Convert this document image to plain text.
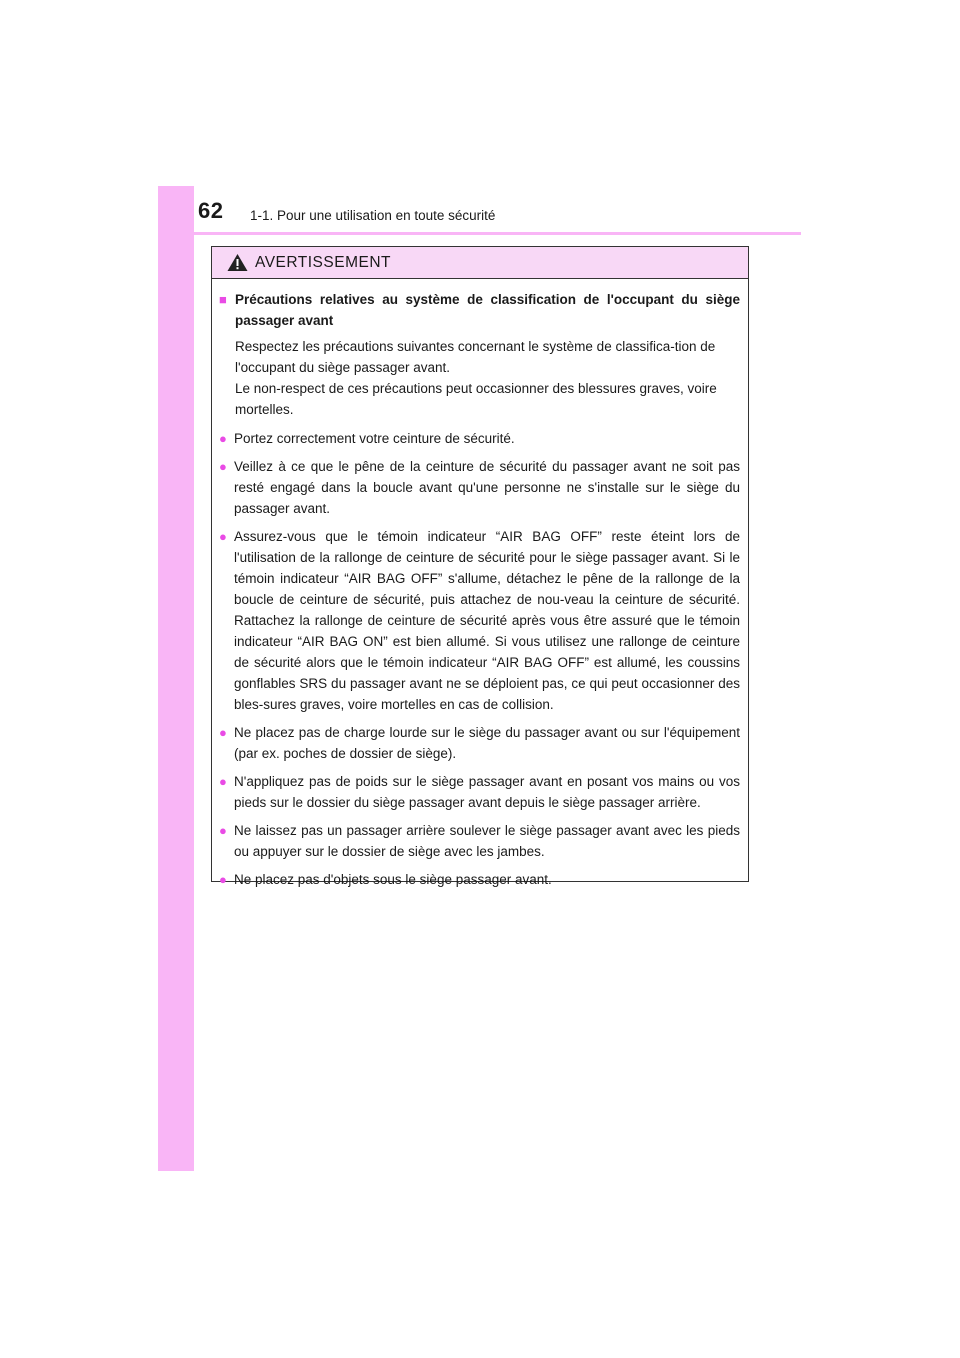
62 1-1. Pour une utilisation en toute sécurité
AVERTISSEMENT
■ Précautions relatives au système de classification de l'occupant du siège passager avant

Respectez les précautions suivantes concernant le système de classifica-tion de l'occupant du siège passager avant.

Le non-respect de ces précautions peut occasionner des blessures graves, voire mortelles.

● Portez correctement votre ceinture de sécurité.
● Veillez à ce que le pêne de la ceinture de sécurité du passager avant ne soit pas resté engagé dans la boucle avant qu'une personne ne s'installe sur le siège du passager avant.
● Assurez-vous que le témoin indicateur “AIR BAG OFF” reste éteint lors de l'utilisation de la rallonge de ceinture de sécurité pour le siège passager avant. Si le témoin indicateur “AIR BAG OFF” s'allume, détachez le pêne de la rallonge de la boucle de ceinture de sécurité, puis attachez de nou-veau la ceinture de sécurité. Rattachez la rallonge de ceinture de sécurité après vous être assuré que le témoin indicateur “AIR BAG ON” est bien allumé. Si vous utilisez une rallonge de ceinture de sécurité alors que le témoin indicateur “AIR BAG OFF” est allumé, les coussins gonflables SRS du passager avant ne se déploient pas, ce qui peut occasionner des bles-sures graves, voire mortelles en cas de collision.
● Ne placez pas de charge lourde sur le siège du passager avant ou sur l'équipement (par ex. poches de dossier de siège).
● N'appliquez pas de poids sur le siège passager avant en posant vos mains ou vos pieds sur le dossier du siège passager avant depuis le siège passager arrière.
● Ne laissez pas un passager arrière soulever le siège passager avant avec les pieds ou appuyer sur le dossier de siège avec les jambes.
● Ne placez pas d'objets sous le siège passager avant.
